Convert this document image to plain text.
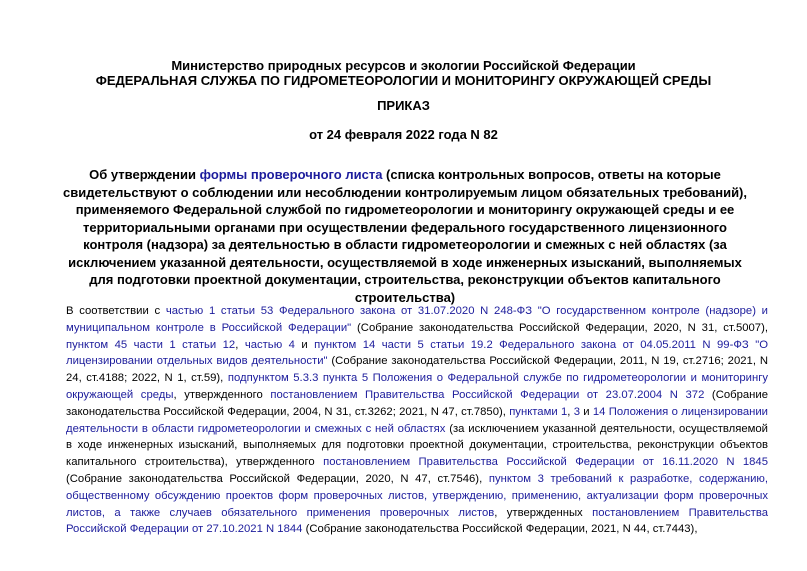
Министерство природных ресурсов и экологии Российской Федерации
ФЕДЕРАЛЬНАЯ СЛУЖБА ПО ГИДРОМЕТЕОРОЛОГИИ И МОНИТОРИНГУ ОКРУЖАЮЩЕЙ СРЕДЫ
ПРИКАЗ
от 24 февраля 2022 года N 82
Об утверждении формы проверочного листа (списка контрольных вопросов, ответы на которые свидетельствуют о соблюдении или несоблюдении контролируемым лицом обязательных требований), применяемого Федеральной службой по гидрометеорологии и мониторингу окружающей среды и ее территориальными органами при осуществлении федерального государственного лицензионного контроля (надзора) за деятельностью в области гидрометеорологии и смежных с ней областях (за исключением указанной деятельности, осуществляемой в ходе инженерных изысканий, выполняемых для подготовки проектной документации, строительства, реконструкции объектов капитального строительства)

В соответствии с частью 1 статьи 53 Федерального закона от 31.07.2020 N 248-ФЗ "О государственном контроле (надзоре) и муниципальном контроле в Российской Федерации" (Собрание законодательства Российской Федерации, 2020, N 31, ст.5007), пунктом 45 части 1 статьи 12, частью 4 и пунктом 14 части 5 статьи 19.2 Федерального закона от 04.05.2011 N 99-ФЗ "О лицензировании отдельных видов деятельности" (Собрание законодательства Российской Федерации, 2011, N 19, ст.2716; 2021, N 24, ст.4188; 2022, N 1, ст.59), подпунктом 5.3.3 пункта 5 Положения о Федеральной службе по гидрометеорологии и мониторингу окружающей среды, утвержденного постановлением Правительства Российской Федерации от 23.07.2004 N 372 (Собрание законодательства Российской Федерации, 2004, N 31, ст.3262; 2021, N 47, ст.7850), пунктами 1, 3 и 14 Положения о лицензировании деятельности в области гидрометеорологии и смежных с ней областях (за исключением указанной деятельности, осуществляемой в ходе инженерных изысканий, выполняемых для подготовки проектной документации, строительства, реконструкции объектов капитального строительства), утвержденного постановлением Правительства Российской Федерации от 16.11.2020 N 1845 (Собрание законодательства Российской Федерации, 2020, N 47, ст.7546), пунктом 3 требований к разработке, содержанию, общественному обсуждению проектов форм проверочных листов, утверждению, применению, актуализации форм проверочных листов, а также случаев обязательного применения проверочных листов, утвержденных постановлением Правительства Российской Федерации от 27.10.2021 N 1844 (Собрание законодательства Российской Федерации, 2021, N 44, ст.7443),
